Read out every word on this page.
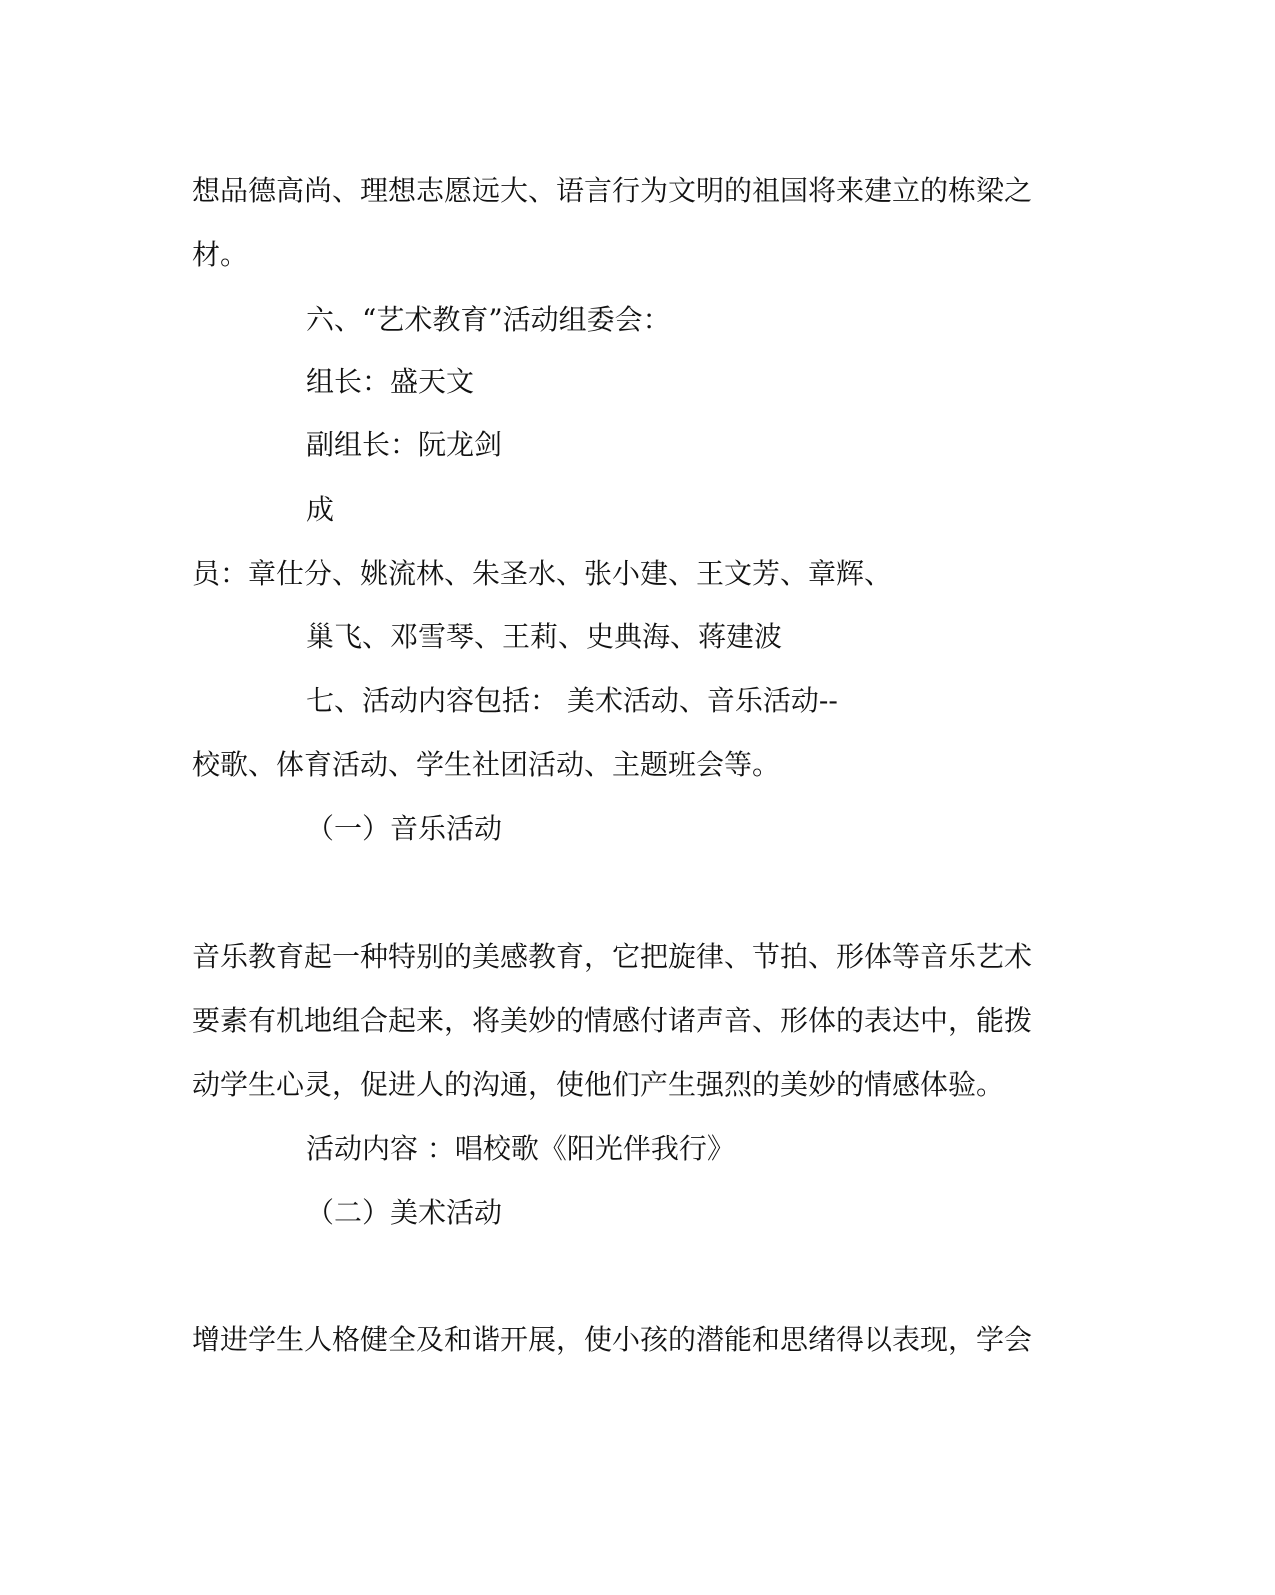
想品德高尚、理想志愿远大、语言行为文明的祖国将来建立的栋梁之
材。
六、“艺术教育”活动组委会：
组长：盛天文
副组长：阮龙剑
成
员：章仕分、姚流林、朱圣水、张小建、王文芳、章辉、
巢飞、邓雪琴、王莉、史典海、蒋建波
七、活动内容包括： 美术活动、音乐活动--
校歌、体育活动、学生社团活动、主题班会等。
（一）音乐活动
音乐教育起一种特别的美感教育，它把旋律、节拍、形体等音乐艺术
要素有机地组合起来，将美妙的情感付诸声音、形体的表达中，能拨
动学生心灵，促进人的沟通，使他们产生强烈的美妙的情感体验。
活动内容 ：唱校歌《阳光伴我行》
（二）美术活动
增进学生人格健全及和谐开展，使小孩的潜能和思绪得以表现，学会
